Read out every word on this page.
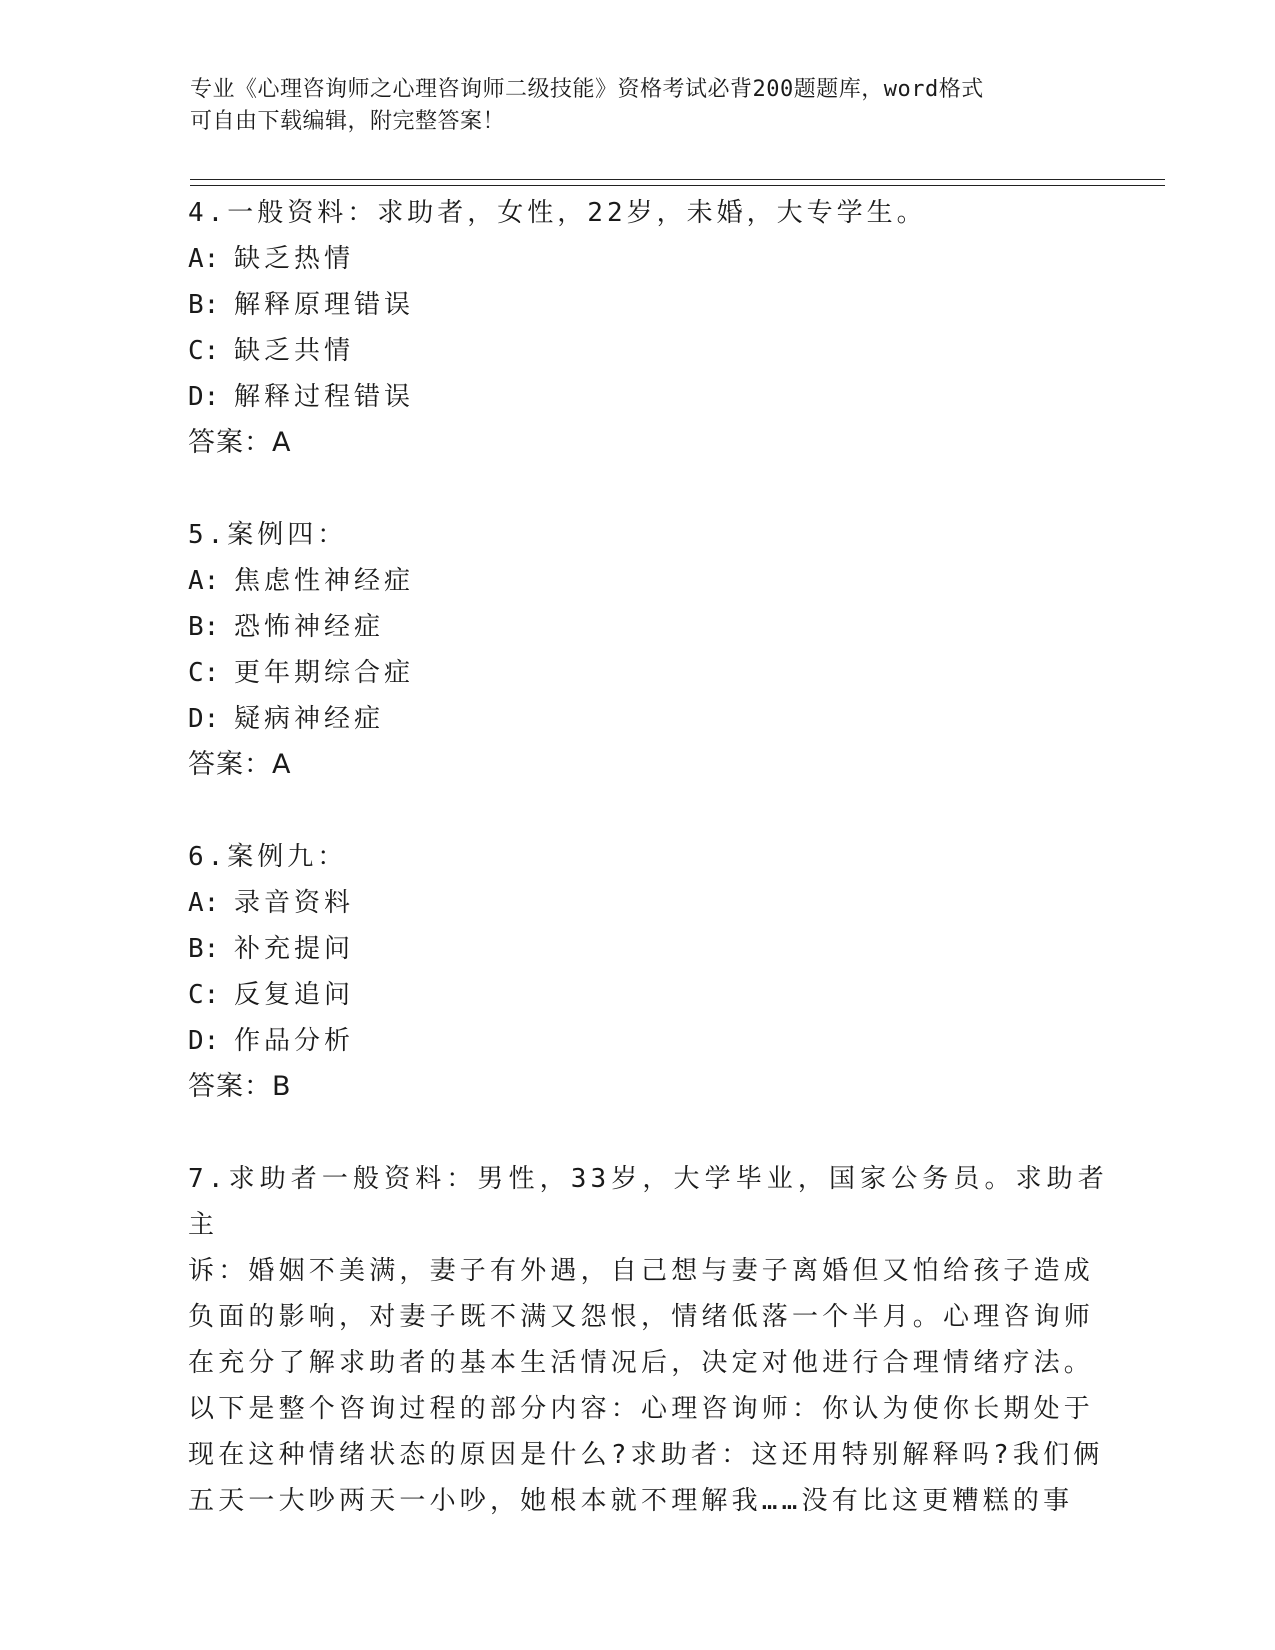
专业《心理咨询师之心理咨询师二级技能》资格考试必背200题题库，word格式
可自由下载编辑，附完整答案！

4.一般资料：求助者，女性，22岁，未婚，大专学生。

A: 缺乏热情

B: 解释原理错误

C: 缺乏共情

D: 解释过程错误

答案：A

5.案例四：

A: 焦虑性神经症

B: 恐怖神经症

C: 更年期综合症

D: 疑病神经症

答案：A

6.案例九：

A: 录音资料

B: 补充提问

C: 反复追问

D: 作品分析

答案：B

7.求助者一般资料：男性，33岁，大学毕业，国家公务员。求助者主

诉：婚姻不美满，妻子有外遇，自己想与妻子离婚但又怕给孩子造成

负面的影响，对妻子既不满又怨恨，情绪低落一个半月。心理咨询师

在充分了解求助者的基本生活情况后，决定对他进行合理情绪疗法。

以下是整个咨询过程的部分内容：心理咨询师：你认为使你长期处于

现在这种情绪状态的原因是什么?求助者：这还用特别解释吗?我们俩

五天一大吵两天一小吵，她根本就不理解我……没有比这更糟糕的事
